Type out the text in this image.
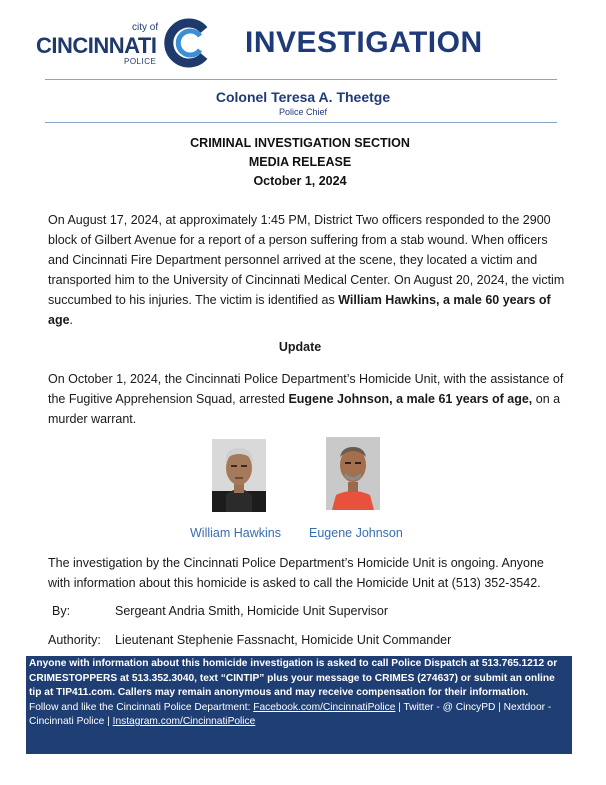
city of
CINCINNATI
POLICE
INVESTIGATION
Colonel Teresa A. Theetge
Police Chief
CRIMINAL INVESTIGATION SECTION
MEDIA RELEASE
October 1, 2024
On August 17, 2024, at approximately 1:45 PM, District Two officers responded to the 2900 block of Gilbert Avenue for a report of a person suffering from a stab wound. When officers and Cincinnati Fire Department personnel arrived at the scene, they located a victim and transported him to the University of Cincinnati Medical Center. On August 20, 2024, the victim succumbed to his injuries. The victim is identified as William Hawkins, a male 60 years of age.
Update
On October 1, 2024, the Cincinnati Police Department’s Homicide Unit, with the assistance of the Fugitive Apprehension Squad, arrested Eugene Johnson, a male 61 years of age, on a murder warrant.
William Hawkins Eugene Johnson
The investigation by the Cincinnati Police Department’s Homicide Unit is ongoing. Anyone with information about this homicide is asked to call the Homicide Unit at (513) 352-3542.
By:	Sergeant Andria Smith, Homicide Unit Supervisor
Authority: Lieutenant Stephenie Fassnacht, Homicide Unit Commander
Anyone with information about this homicide investigation is asked to call Police Dispatch at 513.765.1212 or CRIMESTOPPERS at 513.352.3040, text “CINTIP” plus your message to CRIMES (274637) or submit an online tip at TIP411.com. Callers may remain anonymous and may receive compensation for their information.
Follow and like the Cincinnati Police Department: Facebook.com/CincinnatiPolice | Twitter - @ CincyPD | Nextdoor - Cincinnati Police | Instagram.com/CincinnatiPolice
